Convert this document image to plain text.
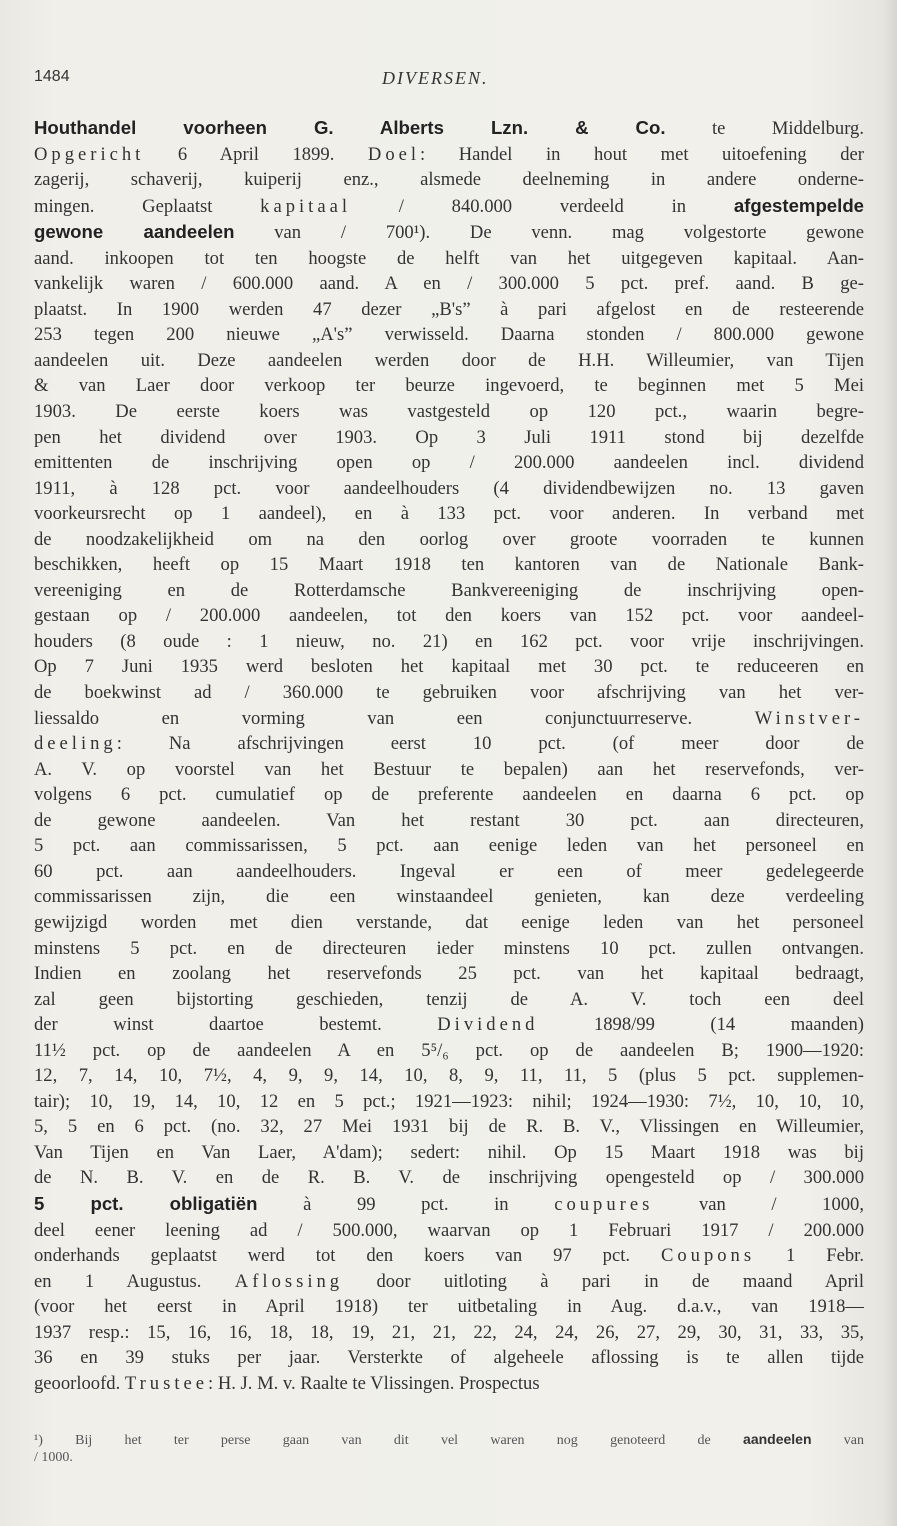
1484	DIVERSEN.
Houthandel voorheen G. Alberts Lzn. & Co. te Middelburg.
Opgericht 6 April 1899. Doel: Handel in hout met uitoefening der
zagerij, schaverij, kuiperij enz., alsmede deelneming in andere onderne-
mingen. Geplaatst kapitaal / 840.000 verdeeld in afgestempelde
gewone aandeelen van / 700¹). De venn. mag volgestorte gewone
aand. inkoopen tot ten hoogste de helft van het uitgegeven kapitaal. Aan-
vankelijk waren / 600.000 aand. A en / 300.000 5 pct. pref. aand. B ge-
plaatst. In 1900 werden 47 dezer „B's” à pari afgelost en de resteerende
253 tegen 200 nieuwe „A's” verwisseld. Daarna stonden / 800.000 gewone
aandeelen uit. Deze aandeelen werden door de H.H. Willeumier, van Tijen
& van Laer door verkoop ter beurze ingevoerd, te beginnen met 5 Mei
1903. De eerste koers was vastgesteld op 120 pct., waarin begre-
pen het dividend over 1903. Op 3 Juli 1911 stond bij dezelfde
emittenten de inschrijving open op / 200.000 aandeelen incl. dividend
1911, à 128 pct. voor aandeelhouders (4 dividendbewijzen no. 13 gaven
voorkeursrecht op 1 aandeel), en à 133 pct. voor anderen. In verband met
de noodzakelijkheid om na den oorlog over groote voorraden te kunnen
beschikken, heeft op 15 Maart 1918 ten kantoren van de Nationale Bank-
vereeniging en de Rotterdamsche Bankvereeniging de inschrijving open-
gestaan op / 200.000 aandeelen, tot den koers van 152 pct. voor aandeel-
houders (8 oude : 1 nieuw, no. 21) en 162 pct. voor vrije inschrijvingen.
Op 7 Juni 1935 werd besloten het kapitaal met 30 pct. te reduceeren en
de boekwinst ad / 360.000 te gebruiken voor afschrijving van het ver-
liessaldo en vorming van een conjunctuurreserve. Winstver-
deeling: Na afschrijvingen eerst 10 pct. (of meer door de
A. V. op voorstel van het Bestuur te bepalen) aan het reservefonds, ver-
volgens 6 pct. cumulatief op de preferente aandeelen en daarna 6 pct. op
de gewone aandeelen. Van het restant 30 pct. aan directeuren,
5 pct. aan commissarissen, 5 pct. aan eenige leden van het personeel en
60 pct. aan aandeelhouders. Ingeval er een of meer gedelegeerde
commissarissen zijn, die een winstaandeel genieten, kan deze verdeeling
gewijzigd worden met dien verstande, dat eenige leden van het personeel
minstens 5 pct. en de directeuren ieder minstens 10 pct. zullen ontvangen.
Indien en zoolang het reservefonds 25 pct. van het kapitaal bedraagt,
zal geen bijstorting geschieden, tenzij de A. V. toch een deel
der winst daartoe bestemt. Dividend 1898/99 (14 maanden)
11½ pct. op de aandeelen A en 5⁵/₆ pct. op de aandeelen B; 1900—1920:
12, 7, 14, 10, 7½, 4, 9, 9, 14, 10, 8, 9, 11, 11, 5 (plus 5 pct. supplemen-
tair); 10, 19, 14, 10, 12 en 5 pct.; 1921—1923: nihil; 1924—1930: 7½, 10, 10, 10,
5, 5 en 6 pct. (no. 32, 27 Mei 1931 bij de R. B. V., Vlissingen en Willeumier,
Van Tijen en Van Laer, A'dam); sedert: nihil. Op 15 Maart 1918 was bij
de N. B. V. en de R. B. V. de inschrijving opengesteld op / 300.000
5 pct. obligatiën à 99 pct. in coupures van / 1000,
deel eener leening ad / 500.000, waarvan op 1 Februari 1917 / 200.000
onderhands geplaatst werd tot den koers van 97 pct. Coupons 1 Febr.
en 1 Augustus. Aflossing door uitloting à pari in de maand April
(voor het eerst in April 1918) ter uitbetaling in Aug. d.a.v., van 1918—
1937 resp.: 15, 16, 16, 18, 18, 19, 21, 21, 22, 24, 24, 26, 27, 29, 30, 31, 33, 35,
36 en 39 stuks per jaar. Versterkte of algeheele aflossing is te allen tijde
geoorloofd. Trustee: H. J. M. v. Raalte te Vlissingen. Prospectus
¹) Bij het ter perse gaan van dit vel waren nog genoteerd de aandeelen van
/ 1000.
